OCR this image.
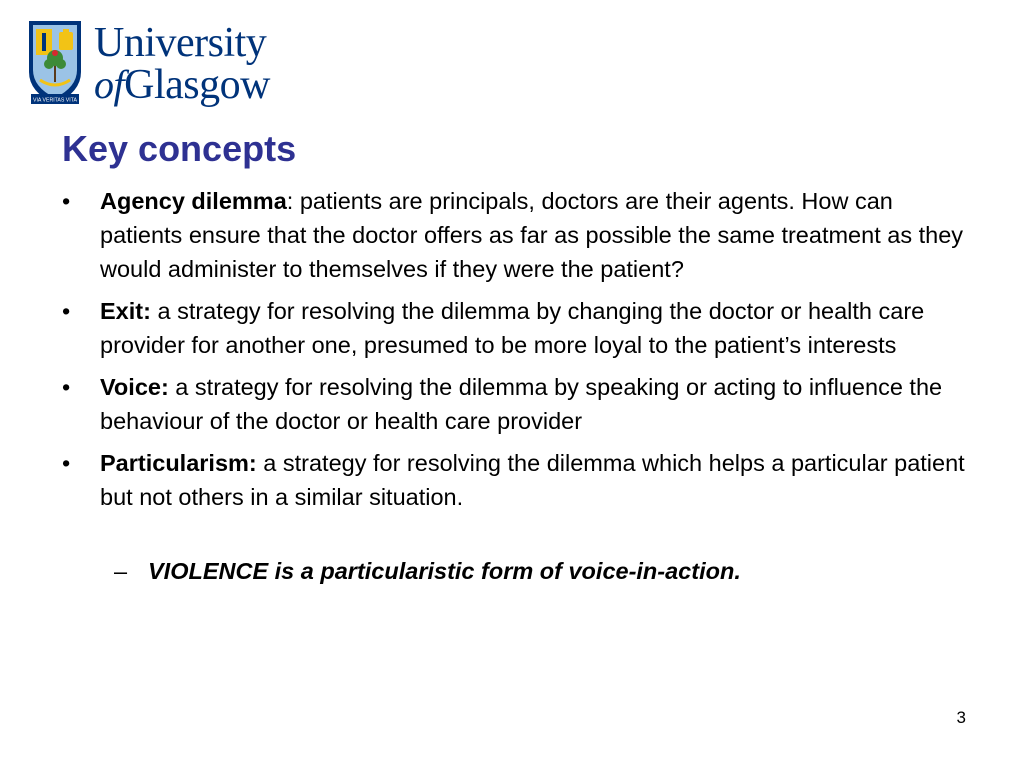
VIA VERITAS VITA
University
ofGlasgow
Key concepts
•	Agency dilemma: patients are principals, doctors are their agents. How can patients ensure that the doctor offers as far as possible the same treatment as they would administer to themselves if they were the patient?
•	Exit: a strategy for resolving the dilemma by changing the doctor or health care provider for another one, presumed to be more loyal to the patient’s interests
•	Voice: a strategy for resolving the dilemma by speaking or acting to influence the behaviour of the doctor or health care provider
•	Particularism: a strategy for resolving the dilemma which helps a particular patient but not others in a similar situation.
– VIOLENCE is a particularistic form of voice-in-action.
3
